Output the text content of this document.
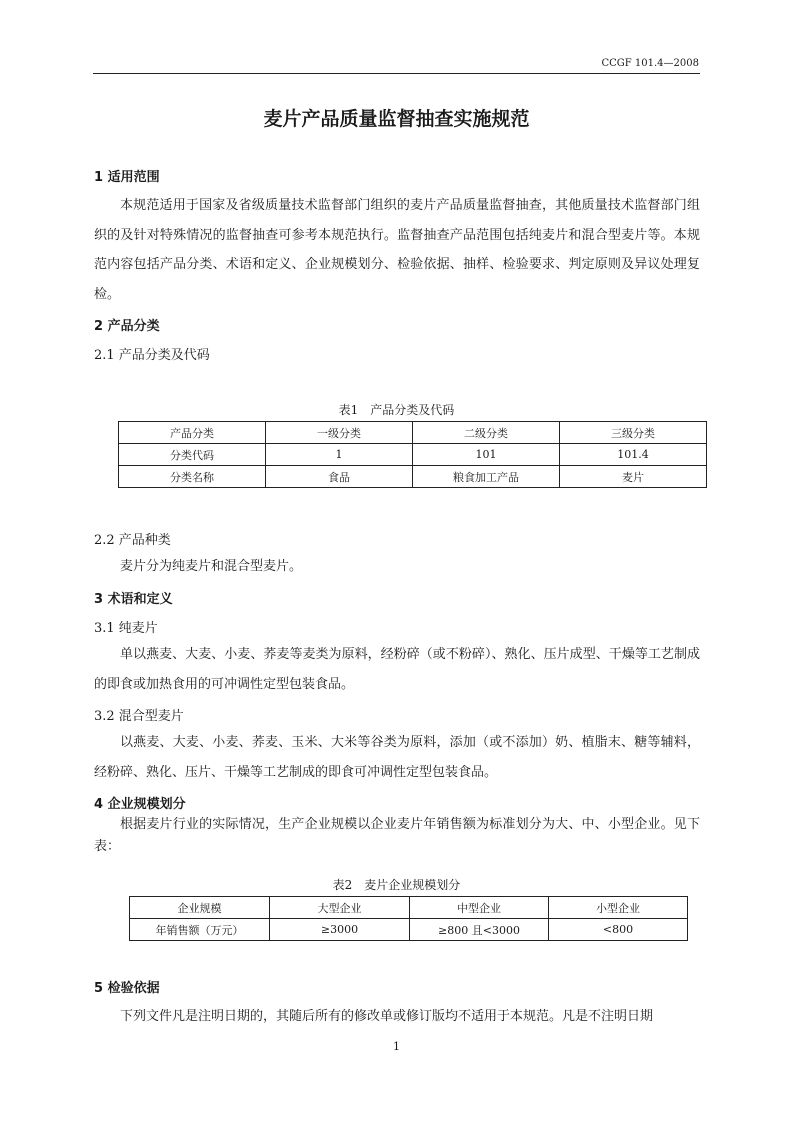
CCGF 101.4—2008
麦片产品质量监督抽查实施规范
1 适用范围

本规范适用于国家及省级质量技术监督部门组织的麦片产品质量监督抽查，其他质量技术监督部门组织的及针对特殊情况的监督抽查可参考本规范执行。监督抽查产品范围包括纯麦片和混合型麦片等。本规范内容包括产品分类、术语和定义、企业规模划分、检验依据、抽样、检验要求、判定原则及异议处理复检。

2 产品分类
2.1 产品分类及代码
表1　产品分类及代码
产品分类	一级分类	二级分类	三级分类
分类代码	1	101	101.4
分类名称	食品	粮食加工产品	麦片
2.2 产品种类

麦片分为纯麦片和混合型麦片。

3 术语和定义
3.1 纯麦片

单以燕麦、大麦、小麦、荞麦等麦类为原料，经粉碎（或不粉碎）、熟化、压片成型、干燥等工艺制成的即食或加热食用的可冲调性定型包装食品。

3.2 混合型麦片

以燕麦、大麦、小麦、荞麦、玉米、大米等谷类为原料，添加（或不添加）奶、植脂末、糖等辅料，经粉碎、熟化、压片、干燥等工艺制成的即食可冲调性定型包装食品。

4 企业规模划分

根据麦片行业的实际情况，生产企业规模以企业麦片年销售额为标准划分为大、中、小型企业。见下表：

表2　麦片企业规模划分
企业规模	大型企业	中型企业	小型企业
年销售额（万元）	≥3000	≥800 且<3000	<800
5 检验依据

下列文件凡是注明日期的，其随后所有的修改单或修订版均不适用于本规范。凡是不注明日期

1
